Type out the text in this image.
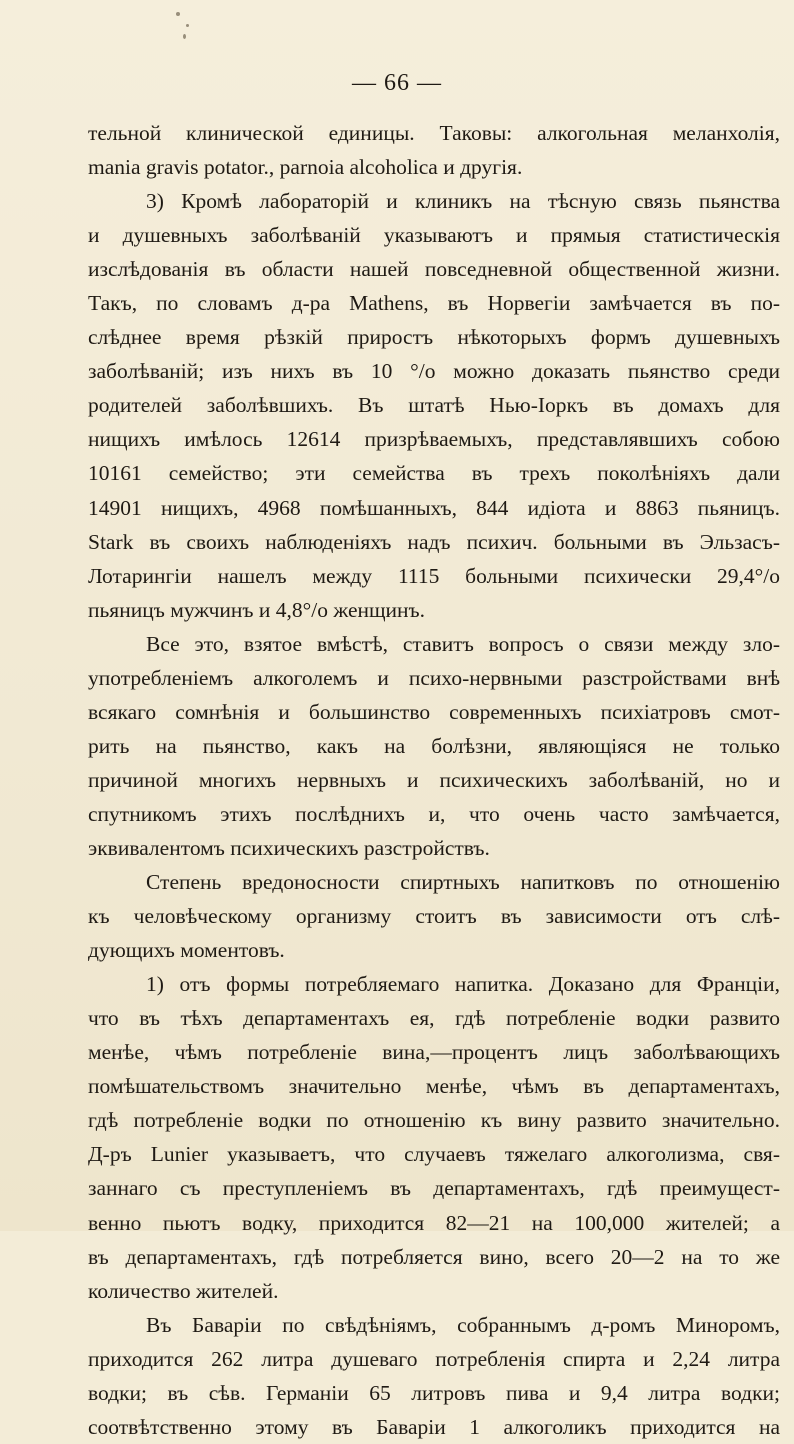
— 66 —
тельной клинической единицы. Таковы: алкогольная меланхолія,
mania gravis potator., parnoia alcoholica и другія.
3) Кромѣ лабораторій и клиникъ на тѣсную связь пьянства
и душевныхъ заболѣваній указываютъ и прямыя статистическія
изслѣдованія въ области нашей повседневной общественной жизни.
Такъ, по словамъ д-ра Mathens, въ Норвегіи замѣчается въ по-
слѣднее время рѣзкій приростъ нѣкоторыхъ формъ душевныхъ
заболѣваній; изъ нихъ въ 10 °/o можно доказать пьянство среди
родителей заболѣвшихъ. Въ штатѣ Нью-Іоркъ въ домахъ для
нищихъ имѣлось 12614 призрѣваемыхъ, представлявшихъ собою
10161 семейство; эти семейства въ трехъ поколѣніяхъ дали
14901 нищихъ, 4968 помѣшанныхъ, 844 идіота и 8863 пьяницъ.
Stark въ своихъ наблюденіяхъ надъ психич. больными въ Эльзасъ-
Лотарингіи нашелъ между 1115 больными психически 29,4°/o
пьяницъ мужчинъ и 4,8°/o женщинъ.
Все это, взятое вмѣстѣ, ставитъ вопросъ о связи между зло-
употребленіемъ алкоголемъ и психо-нервными разстройствами внѣ
всякаго сомнѣнія и большинство современныхъ психіатровъ смот-
рить на пьянство, какъ на болѣзни, являющіяся не только
причиной многихъ нервныхъ и психическихъ заболѣваній, но и
спутникомъ этихъ послѣднихъ и, что очень часто замѣчается,
эквивалентомъ психическихъ разстройствъ.
Степень вредоносности спиртныхъ напитковъ по отношенію
къ человѣческому организму стоитъ въ зависимости отъ слѣ-
дующихъ моментовъ.
1) отъ формы потребляемаго напитка. Доказано для Франціи,
что въ тѣхъ департаментахъ ея, гдѣ потребленіе водки развито
менѣе, чѣмъ потребленіе вина,—процентъ лицъ заболѣвающихъ
помѣшательствомъ значительно менѣе, чѣмъ въ департаментахъ,
гдѣ потребленіе водки по отношенію къ вину развито значительно.
Д-ръ Lunier указываетъ, что случаевъ тяжелаго алкоголизма, свя-
заннаго съ преступленіемъ въ департаментахъ, гдѣ преимущест-
венно пьютъ водку, приходится 82—21 на 100,000 жителей; а
въ департаментахъ, гдѣ потребляется вино, всего 20—2 на то же
количество жителей.
Въ Баваріи по свѣдѣніямъ, собраннымъ д-ромъ Миноромъ,
приходится 262 литра душеваго потребленія спирта и 2,24 литра
водки; въ сѣв. Германіи 65 литровъ пива и 9,4 литра водки;
соотвѣтственно этому въ Баваріи 1 алкоголикъ приходится на
